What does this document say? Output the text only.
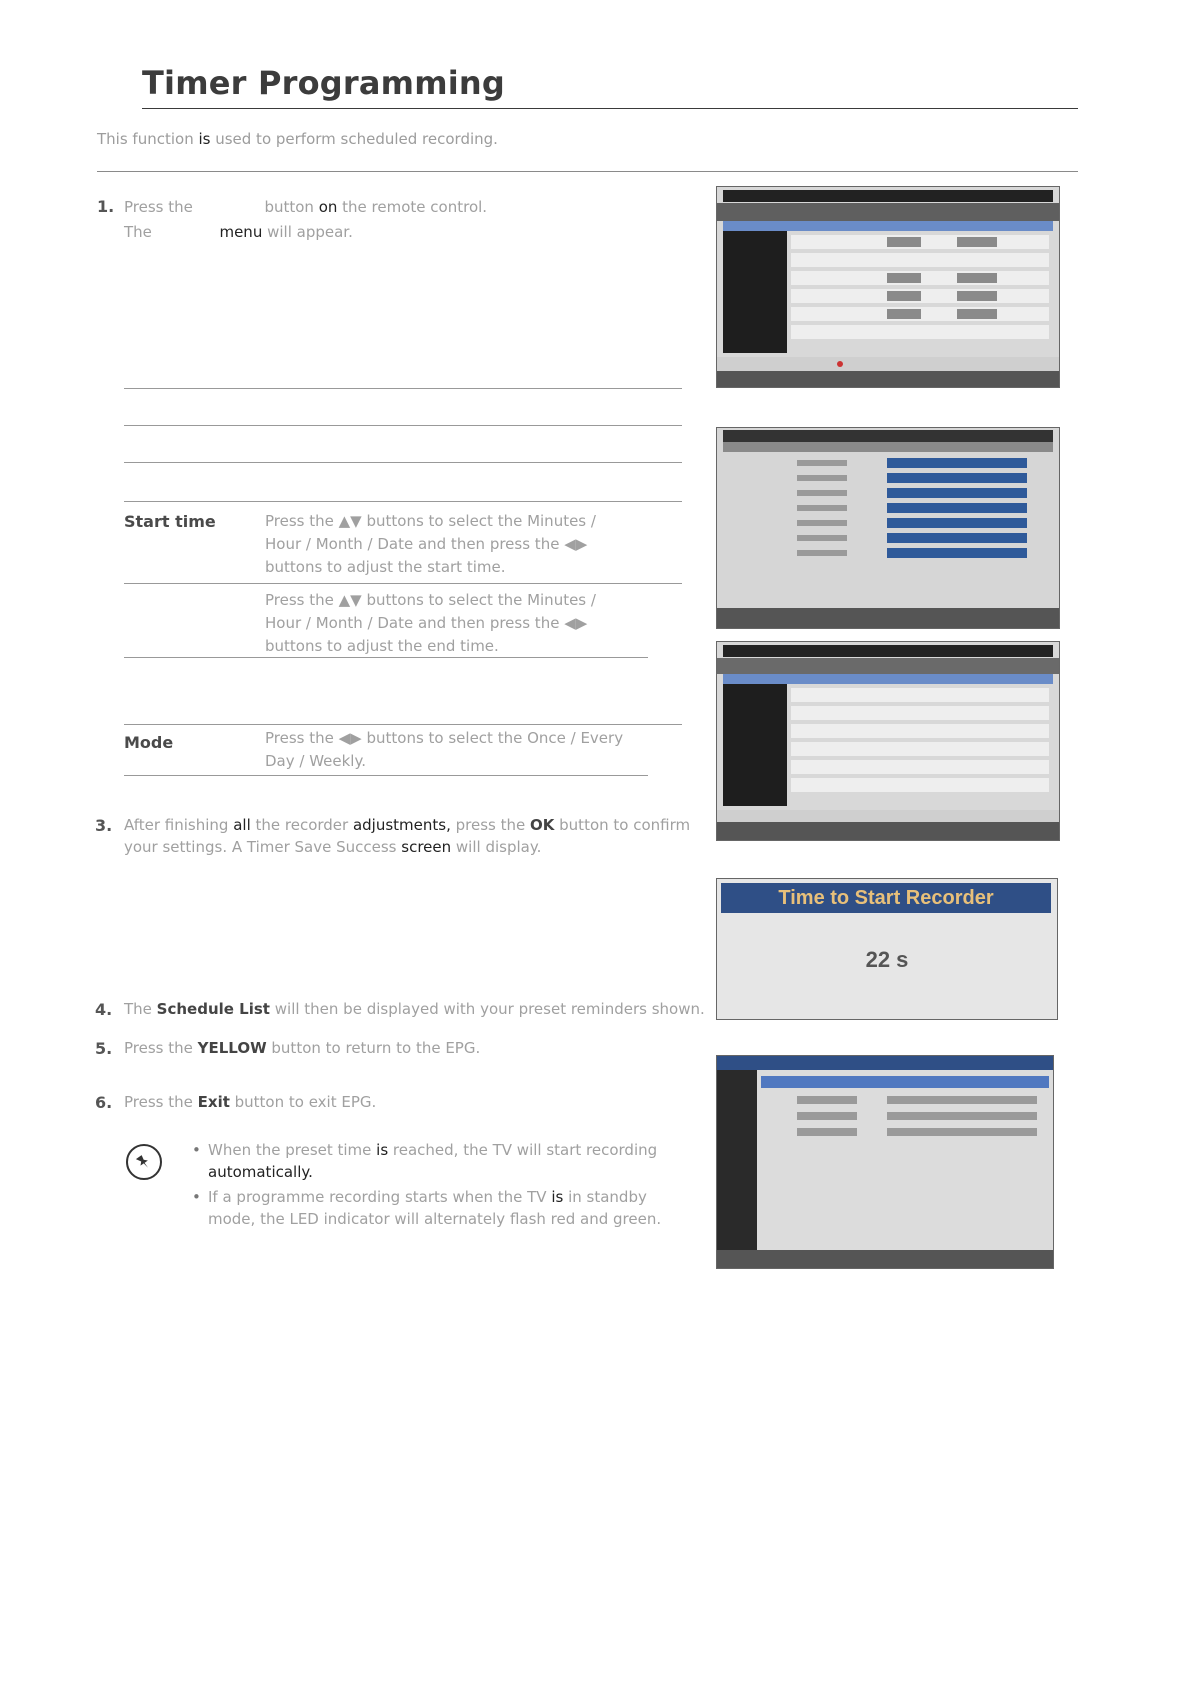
Timer Programming
This function is used to perform scheduled recording.
1. Press the	button on the remote control.
The	menu will appear.
Start time	Press the ▲▼ buttons to select the Minutes /
Hour / Month / Date and then press the ◀▶
buttons to adjust the start time.
Press the ▲▼ buttons to select the Minutes /
Hour / Month / Date and then press the ◀▶
buttons to adjust the end time.
Mode	Press the ◀▶ buttons to select the Once / Every
Day / Weekly.
3. After finishing all the recorder adjustments, press the OK button to confirm
your settings. A Timer Save Success screen will display.
4. The Schedule List will then be displayed with your preset reminders shown.
5. Press the YELLOW button to return to the EPG.
6. Press the Exit button to exit EPG.
• When the preset time is reached, the TV will start recording
automatically.
• If a programme recording starts when the TV is in standby
mode, the LED indicator will alternately flash red and green.
Time to Start Recorder
22 s
